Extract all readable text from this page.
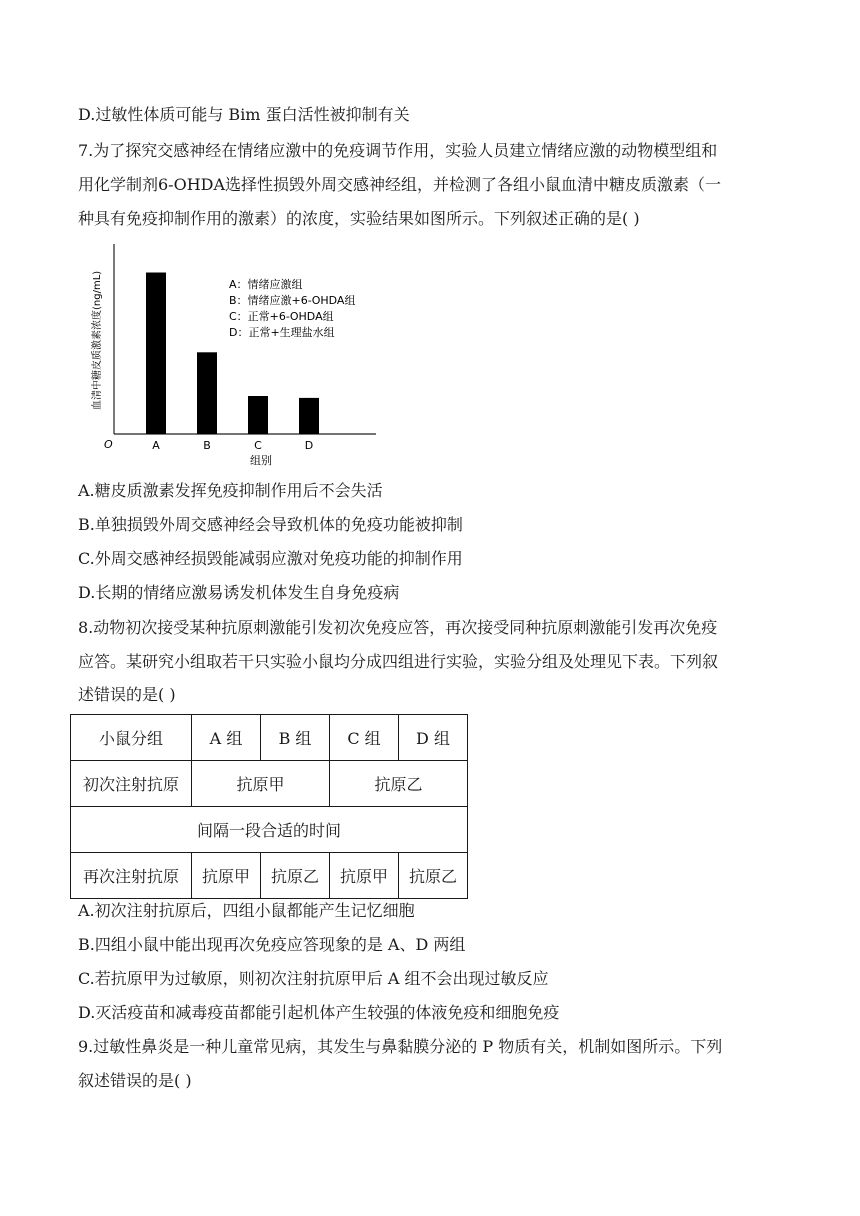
D.过敏性体质可能与 Bim 蛋白活性被抑制有关
7.为了探究交感神经在情绪应激中的免疫调节作用，实验人员建立情绪应激的动物模型组和
用化学制剂6-OHDA选择性损毁外周交感神经组，并检测了各组小鼠血清中糖皮质激素（一
种具有免疫抑制作用的激素）的浓度，实验结果如图所示。下列叙述正确的是( )
O
血清中糖皮质激素浓度(ng/mL)
组别
A	B	C	D
A：情绪应激组
B：情绪应激+6-OHDA组
C：正常+6-OHDA组
D：正常+生理盐水组
A.糖皮质激素发挥免疫抑制作用后不会失活
B.单独损毁外周交感神经会导致机体的免疫功能被抑制
C.外周交感神经损毁能减弱应激对免疫功能的抑制作用
D.长期的情绪应激易诱发机体发生自身免疫病
8.动物初次接受某种抗原刺激能引发初次免疫应答，再次接受同种抗原刺激能引发再次免疫
应答。某研究小组取若干只实验小鼠均分成四组进行实验，实验分组及处理见下表。下列叙
述错误的是( )
小鼠分组	A 组	B 组	C 组	D 组
初次注射抗原	抗原甲		抗原乙	
间隔一段合适的时间				
再次注射抗原	抗原甲	抗原乙	抗原甲	抗原乙
A.初次注射抗原后，四组小鼠都能产生记忆细胞
B.四组小鼠中能出现再次免疫应答现象的是 A、D 两组
C.若抗原甲为过敏原，则初次注射抗原甲后 A 组不会出现过敏反应
D.灭活疫苗和减毒疫苗都能引起机体产生较强的体液免疫和细胞免疫
9.过敏性鼻炎是一种儿童常见病，其发生与鼻黏膜分泌的 P 物质有关，机制如图所示。下列
叙述错误的是( )
